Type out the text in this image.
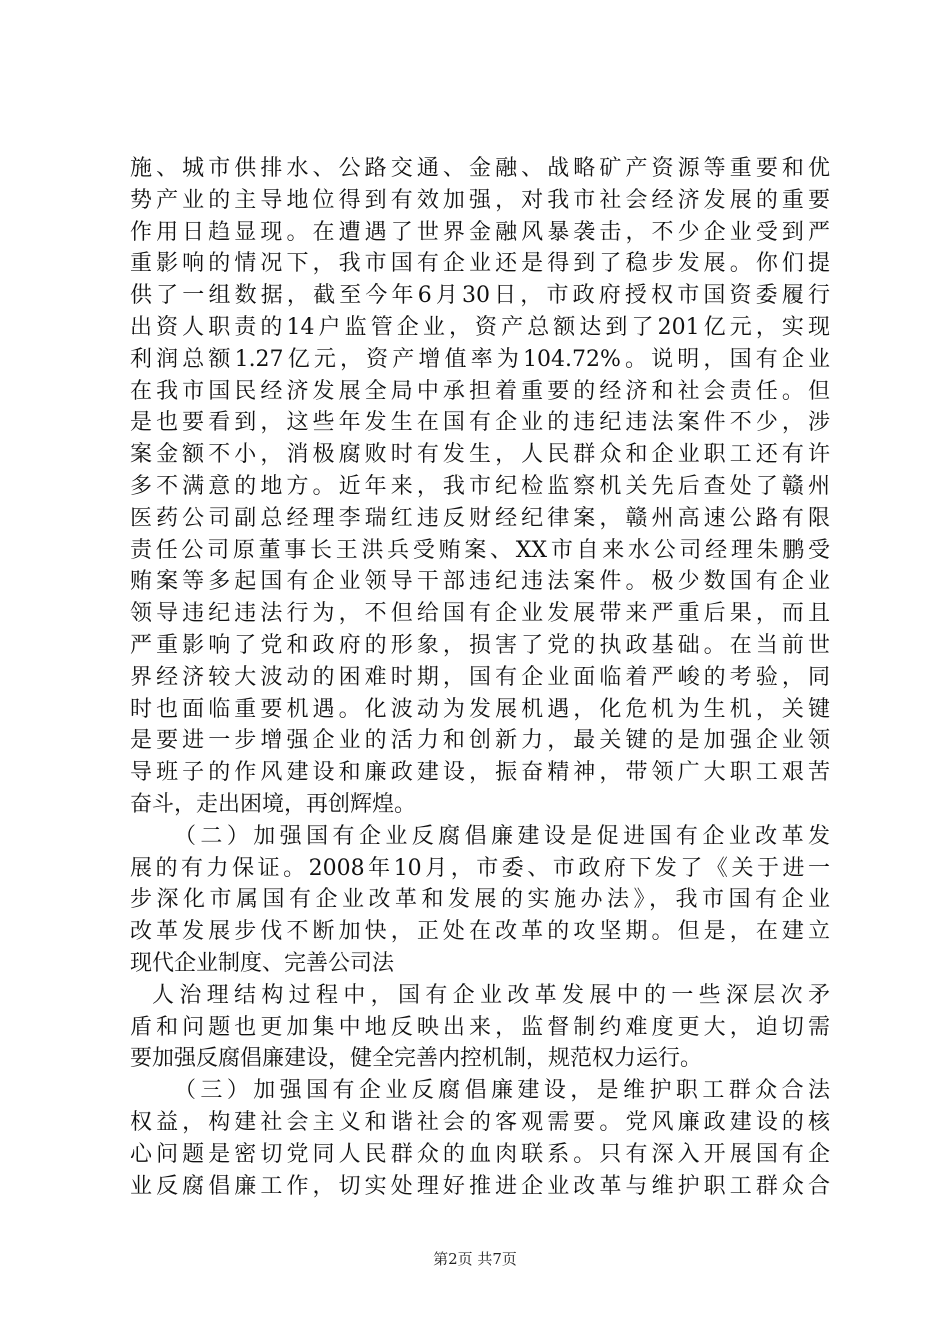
施、城市供排水、公路交通、金融、战略矿产资源等重要和优
势产业的主导地位得到有效加强，对我市社会经济发展的重要
作用日趋显现。在遭遇了世界金融风暴袭击，不少企业受到严
重影响的情况下，我市国有企业还是得到了稳步发展。你们提
供了一组数据，截至今年6月30日，市政府授权市国资委履行
出资人职责的14户监管企业，资产总额达到了201亿元，实现
利润总额1.27亿元，资产增值率为104.72%。说明，国有企业
在我市国民经济发展全局中承担着重要的经济和社会责任。但
是也要看到，这些年发生在国有企业的违纪违法案件不少，涉
案金额不小，消极腐败时有发生，人民群众和企业职工还有许
多不满意的地方。近年来，我市纪检监察机关先后查处了赣州
医药公司副总经理李瑞红违反财经纪律案，赣州高速公路有限
责任公司原董事长王洪兵受贿案、XX市自来水公司经理朱鹏受
贿案等多起国有企业领导干部违纪违法案件。极少数国有企业
领导违纪违法行为，不但给国有企业发展带来严重后果，而且
严重影响了党和政府的形象，损害了党的执政基础。在当前世
界经济较大波动的困难时期，国有企业面临着严峻的考验，同
时也面临重要机遇。化波动为发展机遇，化危机为生机，关键
是要进一步增强企业的活力和创新力，最关键的是加强企业领
导班子的作风建设和廉政建设，振奋精神，带领广大职工艰苦
奋斗，走出困境，再创辉煌。
（二）加强国有企业反腐倡廉建设是促进国有企业改革发
展的有力保证。2008年10月，市委、市政府下发了《关于进一
步深化市属国有企业改革和发展的实施办法》，我市国有企业
改革发展步伐不断加快，正处在改革的攻坚期。但是，在建立
现代企业制度、完善公司法
人治理结构过程中，国有企业改革发展中的一些深层次矛
盾和问题也更加集中地反映出来，监督制约难度更大，迫切需
要加强反腐倡廉建设，健全完善内控机制，规范权力运行。
（三）加强国有企业反腐倡廉建设，是维护职工群众合法
权益，构建社会主义和谐社会的客观需要。党风廉政建设的核
心问题是密切党同人民群众的血肉联系。只有深入开展国有企
业反腐倡廉工作，切实处理好推进企业改革与维护职工群众合
第2页 共7页
